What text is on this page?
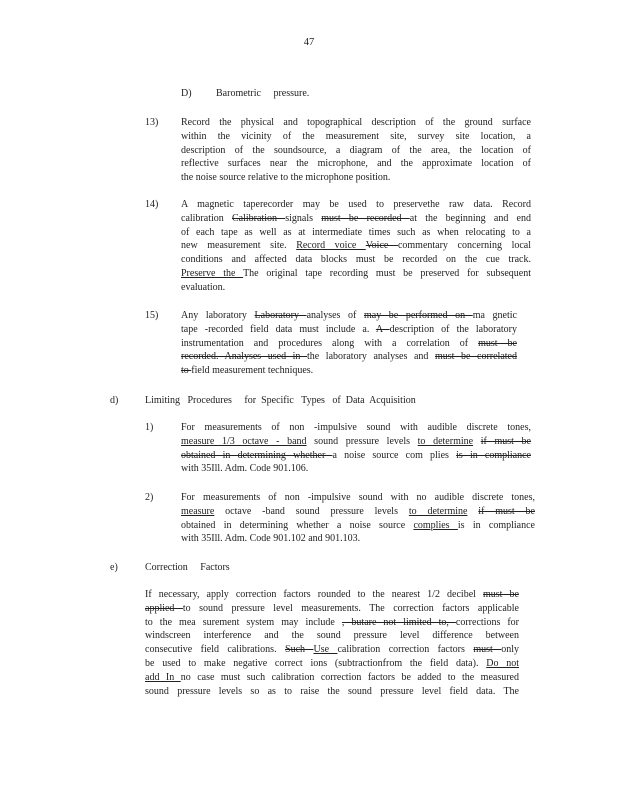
47
D) Barometric     pressure.
13) Record the physical and topographical description of the ground surface
within the vicinity of the measurement site, survey site location, a
description of the soundsource, a diagram of the area, the location of
reflective surfaces near the microphone, and the approximate location of
the noise source relative to the microphone position.
14) A magnetic taperecorder may be used to preservethe raw data. Record
calibration Calibration signals must be recorded at the beginning and end
of each tape as well as at intermediate times such as when relocating to a
new measurement site. Record voice Voice commentary concerning local
conditions and affected data blocks must be recorded on the cue track.
Preserve the The original tape recording must be preserved for subsequent
evaluation.
15) Any laboratory Laboratory analyses of may be performed on ma gnetic
tape -recorded field data must include a. A description of the laboratory
instrumentation and procedures along with a correlation of must be
recorded. Analyses used in the laboratory analyses and must be correlated
to field measurement techniques.
d)	Limiting   Procedures     for  Specific   Types   of  Data  Acquisition
1)	For measurements of non -impulsive sound with audible discrete tones,
measure 1/3 octave - band sound pressure levels to determine if must be
obtained in determining whether a noise source com plies is in compliance
with 35Ill. Adm. Code 901.106.
2)	For measurements of non -impulsive sound with no audible discrete tones,
measure octave -band sound pressure levels to determine if must be
obtained in determining whether a noise source complies is in compliance
with 35Ill. Adm. Code 901.102 and 901.103.
e)	Correction     Factors
If necessary, apply correction factors rounded to the nearest 1/2 decibel must be
applied to sound pressure level measurements. The correction factors applicable
to the mea surement system may include , butare not limited to, corrections for
windscreen interference and the sound pressure level difference between
consecutive field calibrations. Such Use calibration correction factors must only
be used to make negative correct ions (subtractionfrom the field data). Do not
add In no case must such calibration correction factors be added to the measured
sound pressure levels so as to raise the sound pressure level field data. The
